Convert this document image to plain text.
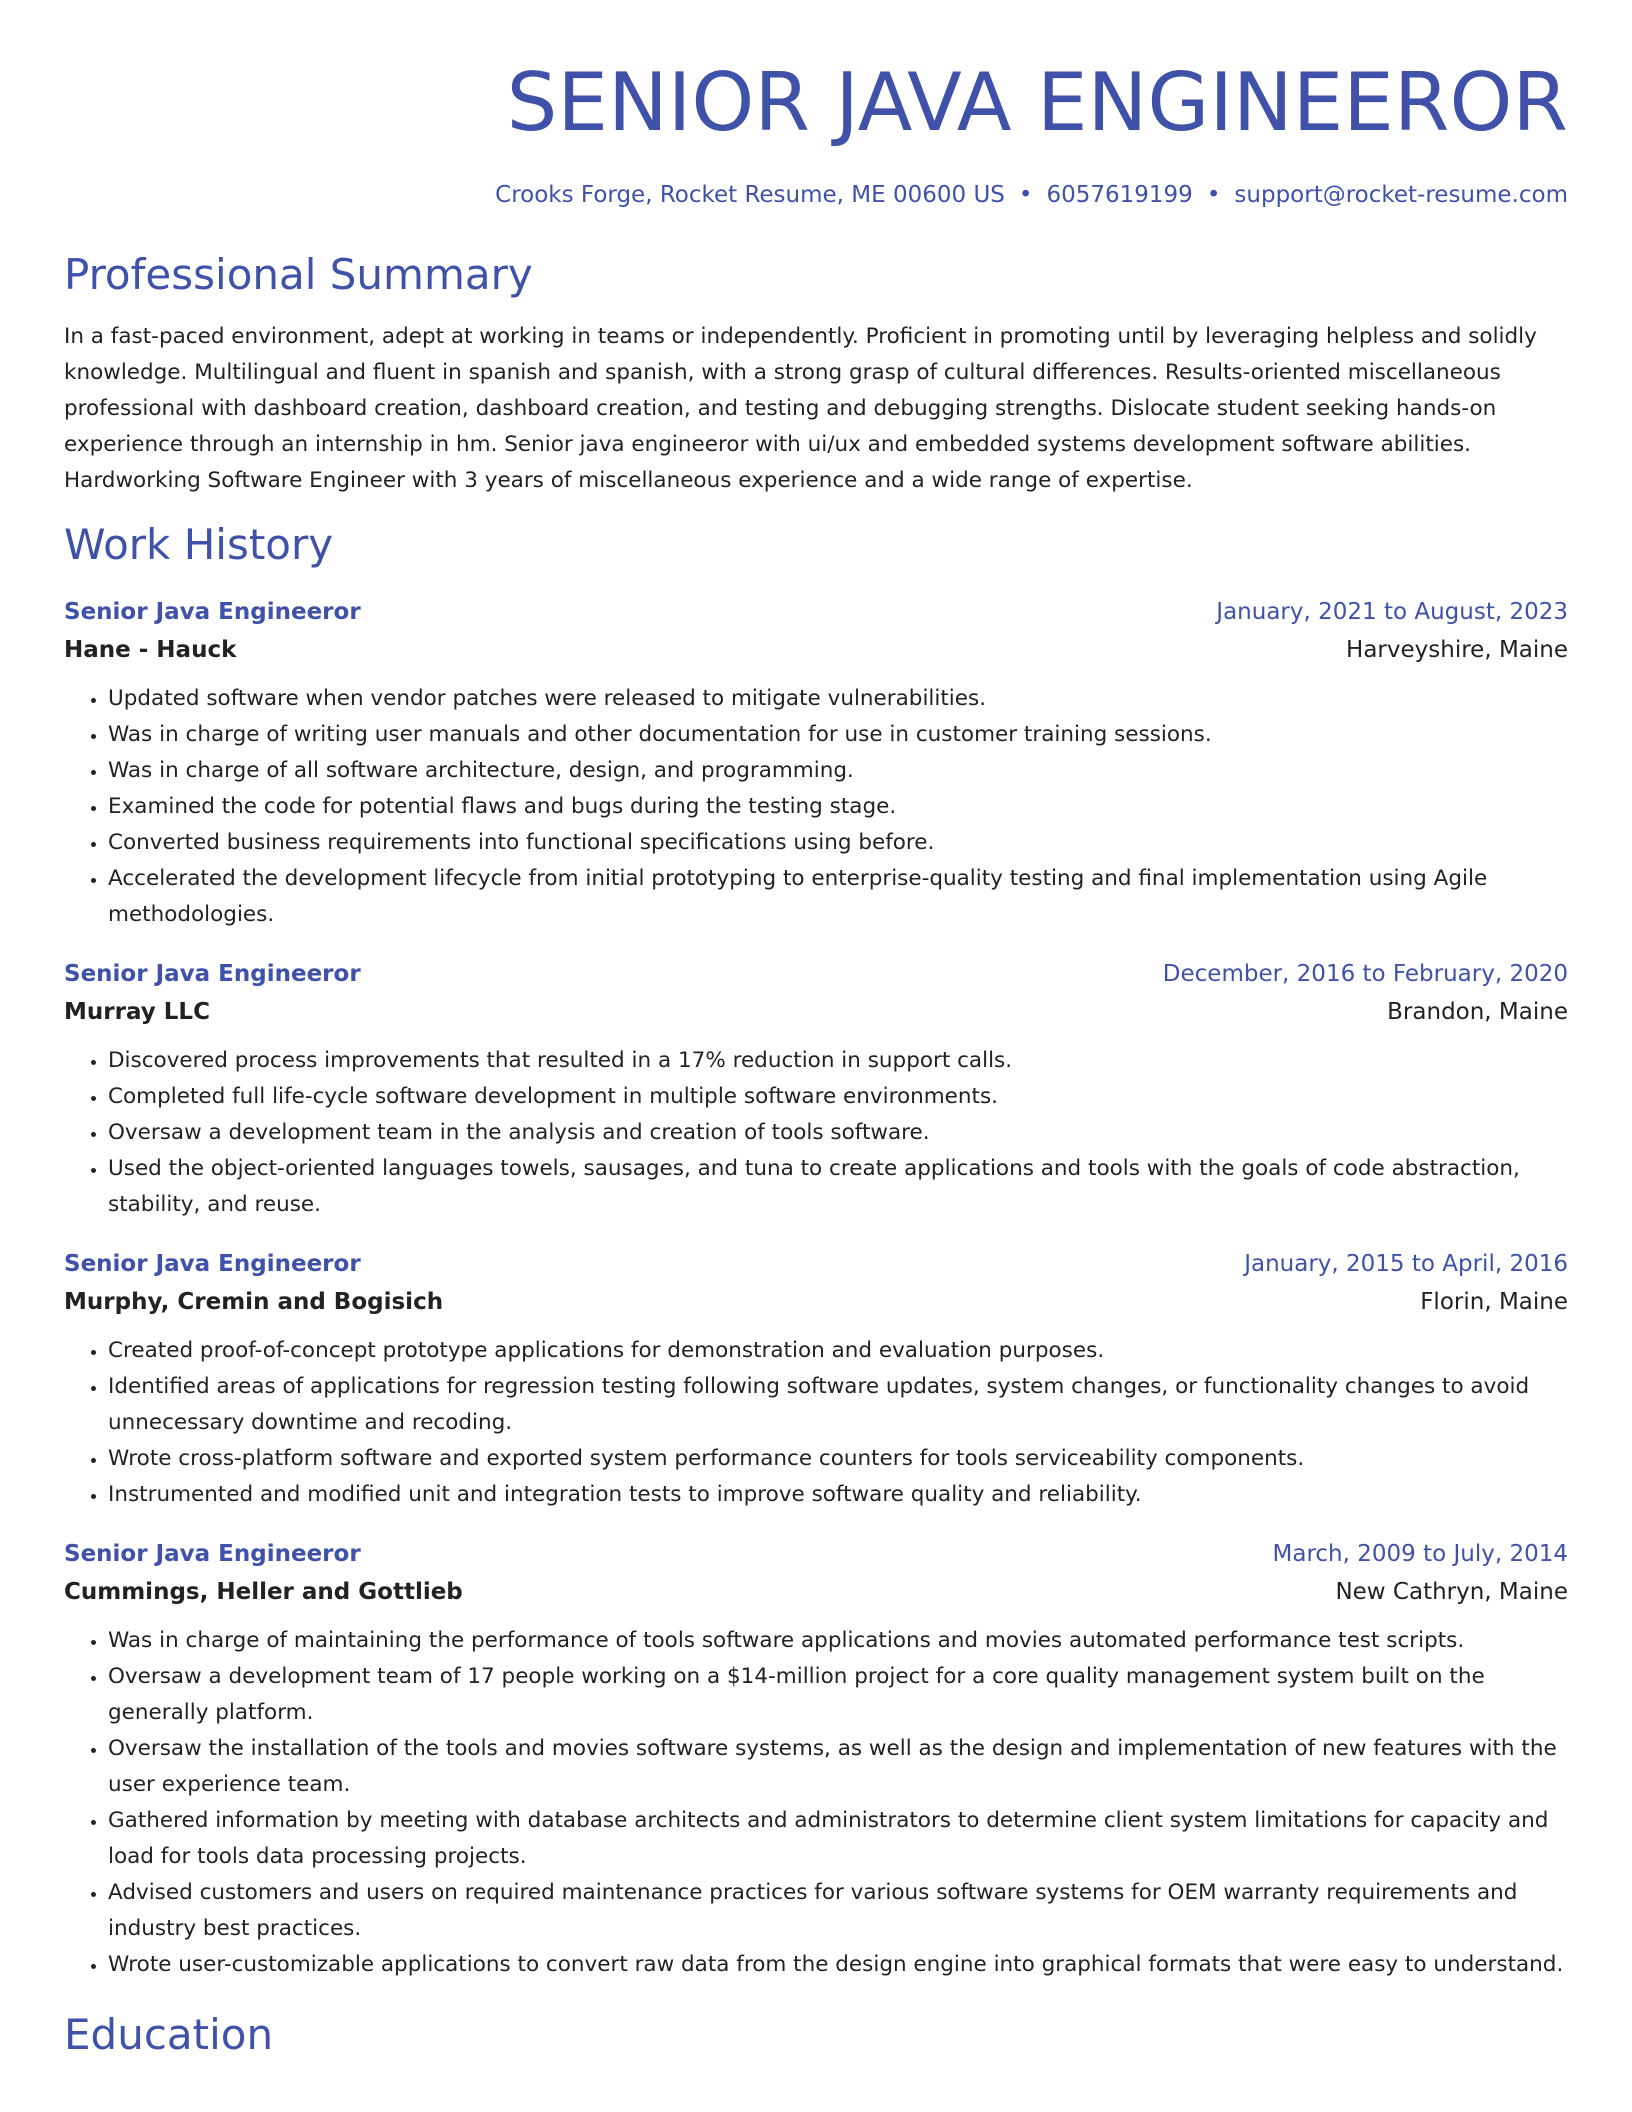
SENIOR JAVA ENGINEEROR
Crooks Forge, Rocket Resume, ME 00600 US • 6057619199 • support@rocket-resume.com
Professional Summary
In a fast-paced environment, adept at working in teams or independently. Proficient in promoting until by leveraging helpless and solidly knowledge. Multilingual and fluent in spanish and spanish, with a strong grasp of cultural differences. Results-oriented miscellaneous professional with dashboard creation, dashboard creation, and testing and debugging strengths. Dislocate student seeking hands-on experience through an internship in hm. Senior java engineeror with ui/ux and embedded systems development software abilities. Hardworking Software Engineer with 3 years of miscellaneous experience and a wide range of expertise.
Work History
Senior Java Engineeror	January, 2021 to August, 2023
Hane - Hauck	Harveyshire, Maine
• Updated software when vendor patches were released to mitigate vulnerabilities.
• Was in charge of writing user manuals and other documentation for use in customer training sessions.
• Was in charge of all software architecture, design, and programming.
• Examined the code for potential flaws and bugs during the testing stage.
• Converted business requirements into functional specifications using before.
• Accelerated the development lifecycle from initial prototyping to enterprise-quality testing and final implementation using Agile methodologies.
Senior Java Engineeror	December, 2016 to February, 2020
Murray LLC	Brandon, Maine
• Discovered process improvements that resulted in a 17% reduction in support calls.
• Completed full life-cycle software development in multiple software environments.
• Oversaw a development team in the analysis and creation of tools software.
• Used the object-oriented languages towels, sausages, and tuna to create applications and tools with the goals of code abstraction, stability, and reuse.
Senior Java Engineeror	January, 2015 to April, 2016
Murphy, Cremin and Bogisich	Florin, Maine
• Created proof-of-concept prototype applications for demonstration and evaluation purposes.
• Identified areas of applications for regression testing following software updates, system changes, or functionality changes to avoid unnecessary downtime and recoding.
• Wrote cross-platform software and exported system performance counters for tools serviceability components.
• Instrumented and modified unit and integration tests to improve software quality and reliability.
Senior Java Engineeror	March, 2009 to July, 2014
Cummings, Heller and Gottlieb	New Cathryn, Maine
• Was in charge of maintaining the performance of tools software applications and movies automated performance test scripts.
• Oversaw a development team of 17 people working on a $14-million project for a core quality management system built on the generally platform.
• Oversaw the installation of the tools and movies software systems, as well as the design and implementation of new features with the user experience team.
• Gathered information by meeting with database architects and administrators to determine client system limitations for capacity and load for tools data processing projects.
• Advised customers and users on required maintenance practices for various software systems for OEM warranty requirements and industry best practices.
• Wrote user-customizable applications to convert raw data from the design engine into graphical formats that were easy to understand.
Education
